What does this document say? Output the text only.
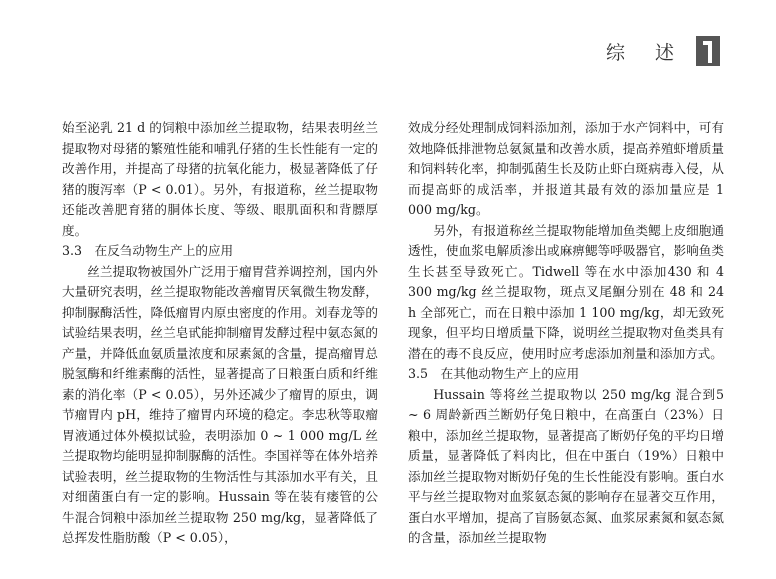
综 述

始至泌乳 21 d 的饲粮中添加丝兰提取物，结果表明丝兰提取物对母猪的繁殖性能和哺乳仔猪的生长性能有一定的改善作用，并提高了母猪的抗氧化能力，极显著降低了仔猪的腹泻率（P < 0.01）。另外，有报道称，丝兰提取物还能改善肥育猪的胴体长度、等级、眼肌面积和背膘厚度。

3.3　在反刍动物生产上的应用

丝兰提取物被国外广泛用于瘤胃营养调控剂，国内外大量研究表明，丝兰提取物能改善瘤胃厌氧微生物发酵，抑制脲酶活性，降低瘤胃内原虫密度的作用。刘春龙等的试验结果表明，丝兰皂甙能抑制瘤胃发酵过程中氨态氮的产量，并降低血氨质量浓度和尿素氮的含量，提高瘤胃总脱氢酶和纤维素酶的活性，显著提高了日粮蛋白质和纤维素的消化率（P < 0.05），另外还减少了瘤胃的原虫，调节瘤胃内 pH，维持了瘤胃内环境的稳定。李忠秋等取瘤胃液通过体外模拟试验，表明添加 0 ~ 1 000 mg/L 丝兰提取物均能明显抑制脲酶的活性。李国祥等在体外培养试验表明，丝兰提取物的生物活性与其添加水平有关，且对细菌蛋白有一定的影响。Hussain 等在装有瘘管的公牛混合饲粮中添加丝兰提取物 250 mg/kg，显著降低了总挥发性脂肪酸（P < 0.05），

效成分经处理制成饲料添加剂，添加于水产饲料中，可有效地降低排泄物总氨氮量和改善水质，提高养殖虾增质量和饲料转化率，抑制弧菌生长及防止虾白斑病毒入侵，从而提高虾的成活率，并报道其最有效的添加量应是 1 000 mg/kg。

另外，有报道称丝兰提取物能增加鱼类鳃上皮细胞通透性，使血浆电解质渗出或麻痹鳃等呼吸器官，影响鱼类生长甚至导致死亡。Tidwell 等在水中添加430 和 4 300 mg/kg 丝兰提取物，斑点叉尾鮰分别在 48 和 24 h 全部死亡，而在日粮中添加 1 100 mg/kg，却无致死现象，但平均日增质量下降，说明丝兰提取物对鱼类具有潜在的毒不良反应，使用时应考虑添加剂量和添加方式。

3.5　在其他动物生产上的应用

Hussain 等将丝兰提取物以 250 mg/kg 混合到5 ~ 6 周龄新西兰断奶仔兔日粮中，在高蛋白（23%）日粮中，添加丝兰提取物，显著提高了断奶仔兔的平均日增质量，显著降低了料肉比，但在中蛋白（19%）日粮中添加丝兰提取物对断奶仔兔的生长性能没有影响。蛋白水平与丝兰提取物对血浆氨态氮的影响存在显著交互作用，蛋白水平增加，提高了盲肠氨态氮、血浆尿素氮和氨态氮的含量，添加丝兰提取物
